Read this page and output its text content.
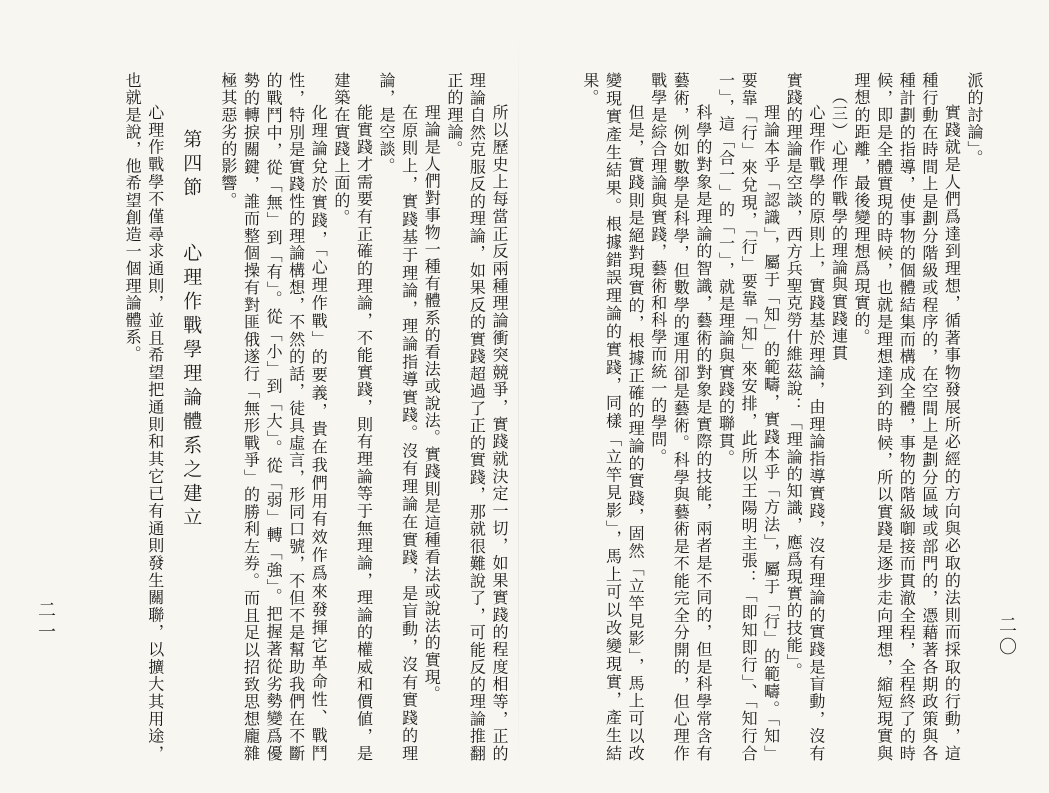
二〇

派的討論」。

實踐就是人們爲達到理想，循著事物發展所必經的方向與必取的法則而採取的行動，這種行動在時間上是劃分階級或程序的，在空間上是劃分區域或部門的，憑藉著各期政策與各種計劃的指導，使事物的個體結集而構成全體，事物的階級啣接而貫澈全程，全程終了的時候，即是全體實現的時候，也就是理想達到的時候，所以實踐是逐步走向理想，縮短現實與理想的距離，最後變理想爲現實的。

（三）心理作戰學的理論與實踐連貫

心理作戰學的原則上，實踐基於理論，由理論指導實踐，沒有理論的實踐是盲動，沒有實踐的理論是空談，西方兵聖克勞什維茲說：「理論的知識，應爲現實的技能」。

理論本乎「認識」，屬于「知」的範疇，實踐本乎「方法」，屬于「行」的範疇。「知」要靠「行」來兌現，「行」要靠「知」來安排，此所以王陽明主張：「即知即行」、「知行合一」，這「合一」的「一」，就是理論與實踐的聯貫。

科學的對象是理論的智識，藝術的對象是實際的技能，兩者是不同的，但是科學常含有藝術，例如數學是科學，但數學的運用卻是藝術。科學與藝術是不能完全分開的，但心理作戰學是綜合理論與實踐，藝術和科學而統一的學問。

但是，實踐則是絕對現實的，根據正確的理論的實踐，固然「立竿見影」，馬上可以改變現實產生結果。根據錯誤理論的實踐，同樣「立竿見影」，馬上可以改變現實，產生結果。

二一	所以歷史上每當正反兩種理論衝突競爭，實踐就決定一切，如果實踐的程度相等，正的理論自然克服反的理論，如果反的實踐超過了正的實踐，那就很難說了，可能反的理論推翻正的理論。

理論是人們對事物一種有體系的看法或說法。實踐則是這種看法或說法的實現。

在原則上，實踐基于理論，理論指導實踐。沒有理論在實踐，是盲動，沒有實踐的理論，是空談。

能實踐才需要有正確的理論，不能實踐，則有理論等于無理論，理論的權威和價値，是建築在實踐上面的。

化理論兌於實踐，「心理作戰」的要義，貴在我們用有效作爲來發揮它革命性、戰鬥性，特別是實踐性的理論構想，不然的話，徒具虛言，形同口號，不但不是幫助我們在不斷的戰鬥中，從「無」到「有」。從「小」到「大」。從「弱」轉「強」。把握著從劣勢變爲優勢的轉捩關鍵，誰而整個操有對匪俄遂行「無形戰爭」的勝利左券。而且足以招致思想龐雜極其惡劣的影響。

第四節心理作戰學理論體系之建立

心理作戰學不僅尋求通則，並且希望把通則和其它已有通則發生關聯，以擴大其用途，也就是說，他希望創造一個理論體系。
